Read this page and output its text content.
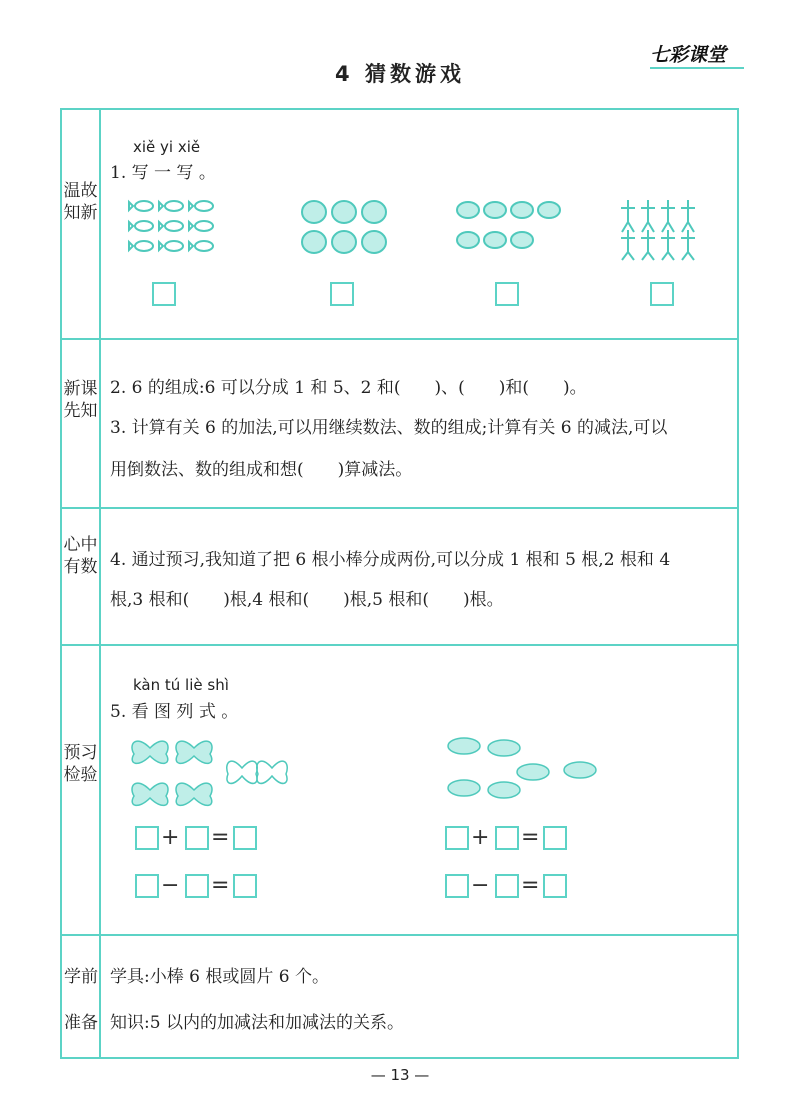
4 猜数游戏
七彩课堂
温故知新
新课先知
心中有数
预习检验
学前
准备
xiě yi xiě
1. 写 一 写 。
2. 6 的组成:6 可以分成 1 和 5、2 和(　　)、(　　)和(　　)。
3. 计算有关 6 的加法,可以用继续数法、数的组成;计算有关 6 的减法,可以
用倒数法、数的组成和想(　　)算减法。
4. 通过预习,我知道了把 6 根小棒分成两份,可以分成 1 根和 5 根,2 根和 4
根,3 根和(　　)根,4 根和(　　)根,5 根和(　　)根。
kàn tú liè shì
5. 看 图 列 式 。
+ =
− =
+ =
− =
学具:小棒 6 根或圆片 6 个。
知识:5 以内的加减法和加减法的关系。
— 13 —
